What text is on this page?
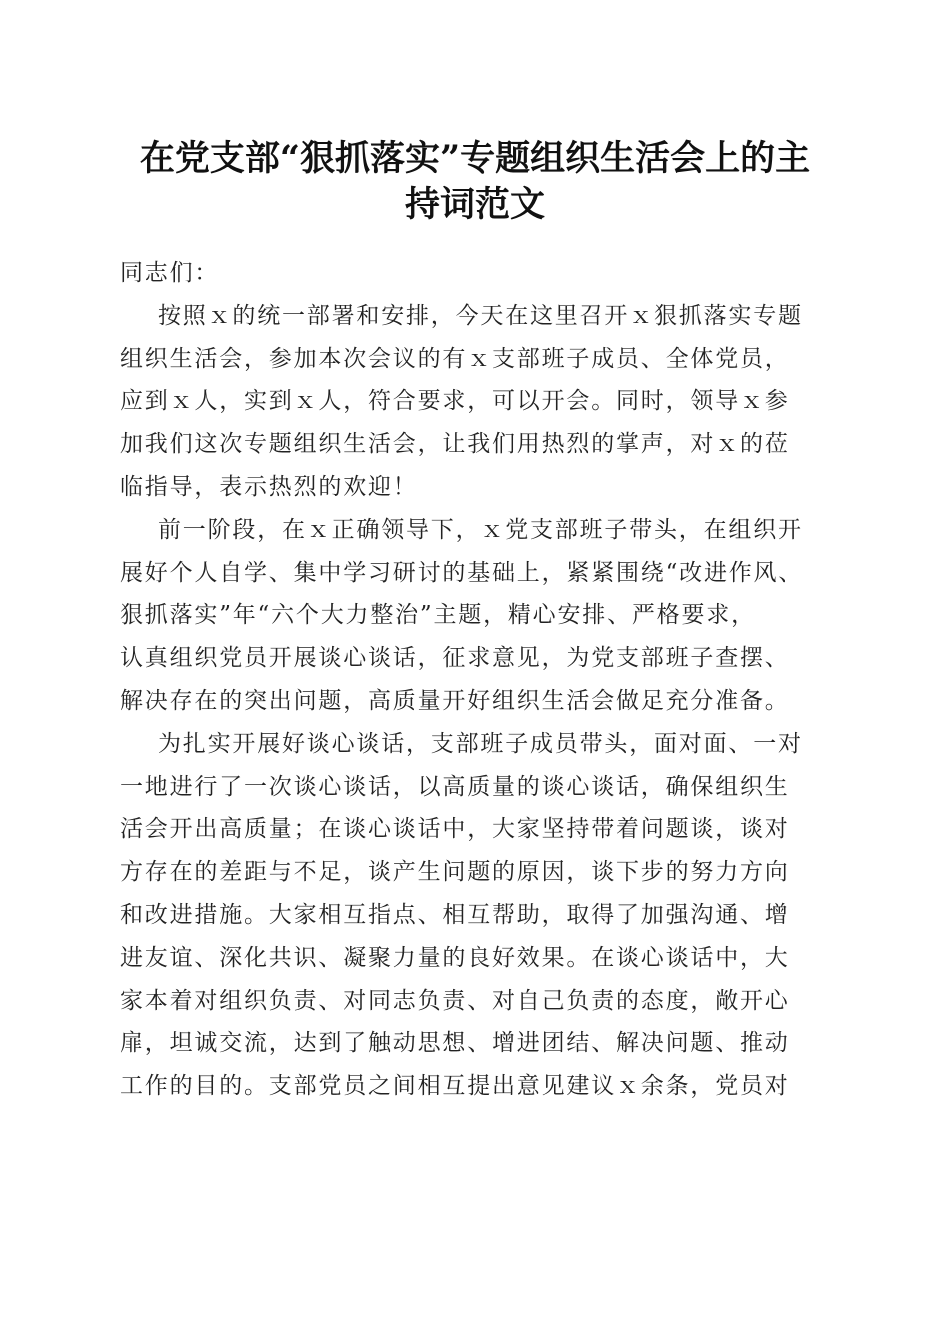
在党支部“狠抓落实”专题组织生活会上的主
持词范文
同志们：
按照ｘ的统一部署和安排，今天在这里召开ｘ狠抓落实专题
组织生活会，参加本次会议的有ｘ支部班子成员、全体党员，
应到ｘ人，实到ｘ人，符合要求，可以开会。同时，领导ｘ参
加我们这次专题组织生活会，让我们用热烈的掌声，对ｘ的莅
临指导，表示热烈的欢迎！
前一阶段，在ｘ正确领导下，ｘ党支部班子带头，在组织开
展好个人自学、集中学习研讨的基础上，紧紧围绕“改进作风、
狠抓落实”年“六个大力整治”主题，精心安排、严格要求，
认真组织党员开展谈心谈话，征求意见，为党支部班子查摆、
解决存在的突出问题，高质量开好组织生活会做足充分准备。
为扎实开展好谈心谈话，支部班子成员带头，面对面、一对
一地进行了一次谈心谈话，以高质量的谈心谈话，确保组织生
活会开出高质量；在谈心谈话中，大家坚持带着问题谈，谈对
方存在的差距与不足，谈产生问题的原因，谈下步的努力方向
和改进措施。大家相互指点、相互帮助，取得了加强沟通、增
进友谊、深化共识、凝聚力量的良好效果。在谈心谈话中，大
家本着对组织负责、对同志负责、对自己负责的态度，敞开心
扉，坦诚交流，达到了触动思想、增进团结、解决问题、推动
工作的目的。支部党员之间相互提出意见建议ｘ余条，党员对
